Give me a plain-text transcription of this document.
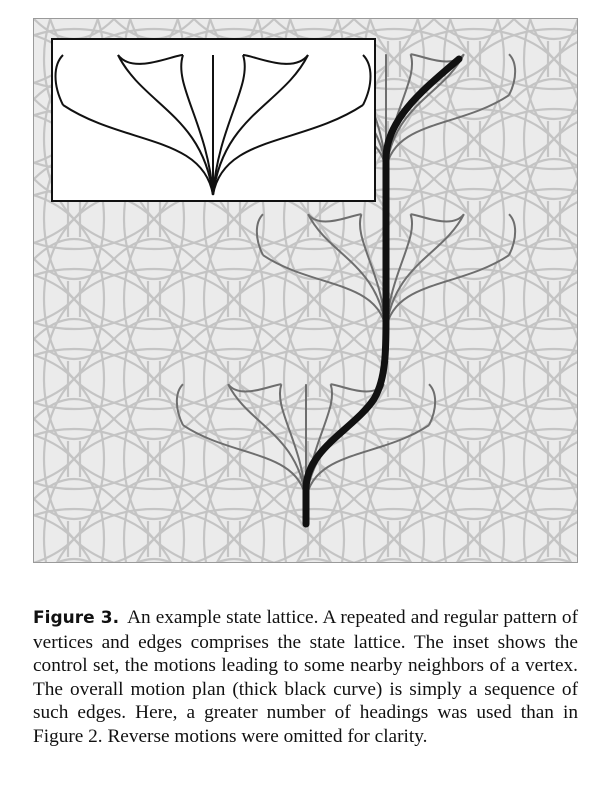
Figure 3. An example state lattice. A repeated and regular pattern of vertices and edges comprises the state lattice. The inset shows the control set, the motions leading to some nearby neighbors of a vertex. The overall motion plan (thick black curve) is simply a sequence of such edges. Here, a greater number of headings was used than in Figure 2. Reverse motions were omitted for clarity.
